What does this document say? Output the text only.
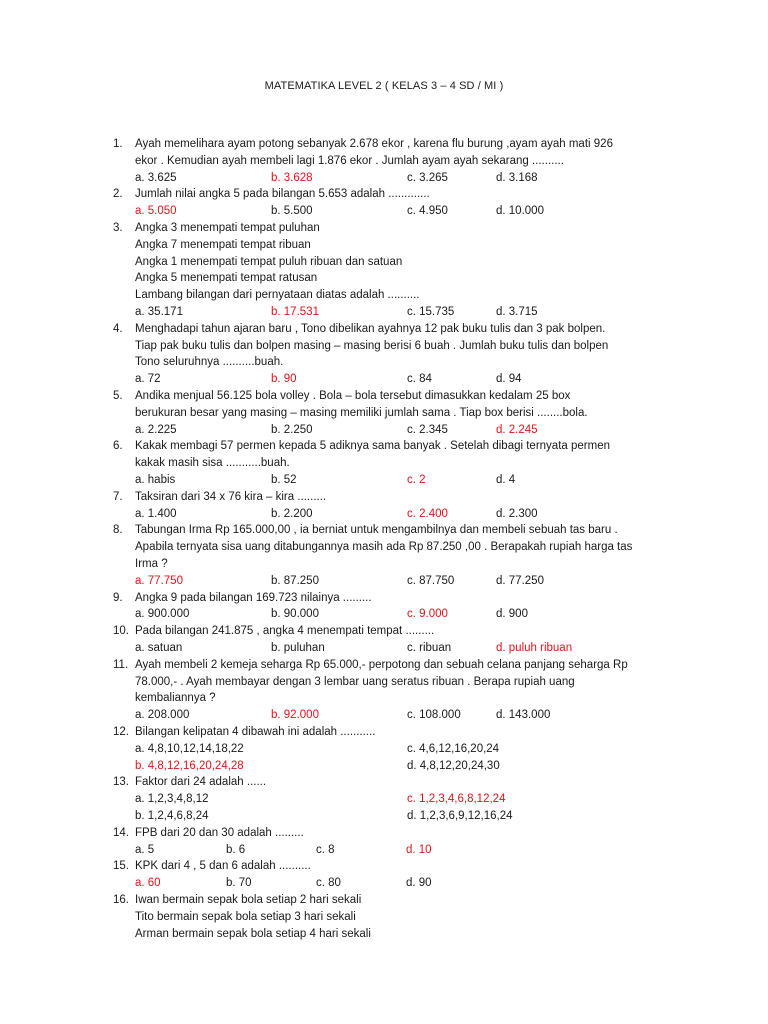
MATEMATIKA LEVEL 2 ( KELAS 3 – 4 SD / MI )
1.	Ayah memelihara ayam potong sebanyak 2.678 ekor , karena flu burung ,ayam ayah mati 926
ekor . Kemudian ayah membeli lagi 1.876 ekor . Jumlah ayam ayah sekarang ..........
a. 3.625	b. 3.628	c. 3.265	d. 3.168
2.	Jumlah nilai angka 5 pada bilangan 5.653 adalah .............
a. 5.050	b. 5.500	c. 4.950	d. 10.000
3.	Angka 3 menempati tempat puluhan
Angka 7 menempati tempat ribuan
Angka 1 menempati tempat puluh ribuan dan satuan
Angka 5 menempati tempat ratusan
Lambang bilangan dari pernyataan diatas adalah ..........
a. 35.171	b. 17.531	c. 15.735	d. 3.715
4.	Menghadapi tahun ajaran baru , Tono dibelikan ayahnya 12 pak buku tulis dan 3 pak bolpen.
Tiap pak buku tulis dan bolpen masing – masing berisi 6 buah . Jumlah buku tulis dan bolpen
Tono seluruhnya ..........buah.
a. 72	b. 90	c. 84	d. 94
5.	Andika menjual 56.125 bola volley . Bola – bola tersebut dimasukkan kedalam 25 box
berukuran besar yang masing – masing memiliki jumlah sama . Tiap box berisi ........bola.
a. 2.225	b. 2.250	c. 2.345	d. 2.245
6.	Kakak membagi 57 permen kepada 5 adiknya sama banyak . Setelah dibagi ternyata permen
kakak masih sisa ...........buah.
a. habis	b. 52	c. 2	d. 4
7.	Taksiran dari 34 x 76 kira – kira .........
a. 1.400	b. 2.200	c. 2.400	d. 2.300
8.	Tabungan Irma Rp 165.000,00 , ia berniat untuk mengambilnya dan membeli sebuah tas baru .
Apabila ternyata sisa uang ditabungannya masih ada Rp 87.250 ,00 . Berapakah rupiah harga tas
Irma ?
a. 77.750	b. 87.250	c. 87.750	d. 77.250
9.	Angka 9 pada bilangan 169.723 nilainya .........
a. 900.000	b. 90.000	c. 9.000	d. 900
10. Pada bilangan 241.875 , angka 4 menempati tempat .........
a. satuan	b. puluhan	c. ribuan	d. puluh ribuan
11. Ayah membeli 2 kemeja seharga Rp 65.000,- perpotong dan sebuah celana panjang seharga Rp
78.000,- . Ayah membayar dengan 3 lembar uang seratus ribuan . Berapa rupiah uang
kembaliannya ?
a. 208.000	b. 92.000	c. 108.000	d. 143.000
12. Bilangan kelipatan 4 dibawah ini adalah ...........
a. 4,8,10,12,14,18,22
b. 4,8,12,16,20,24,28
c. 4,6,12,16,20,24
d. 4,8,12,20,24,30
13. Faktor dari 24 adalah ......
a. 1,2,3,4,8,12
b. 1,2,4,6,8,24
c. 1,2,3,4,6,8,12,24
d. 1,2,3,6,9,12,16,24
14. FPB dari 20 dan 30 adalah .........
a. 5	b. 6	c. 8	d. 10
15. KPK dari 4 , 5 dan 6 adalah ..........
a. 60	b. 70	c. 80	d. 90
16. Iwan bermain sepak bola setiap 2 hari sekali
Tito bermain sepak bola setiap 3 hari sekali
Arman bermain sepak bola setiap 4 hari sekali
